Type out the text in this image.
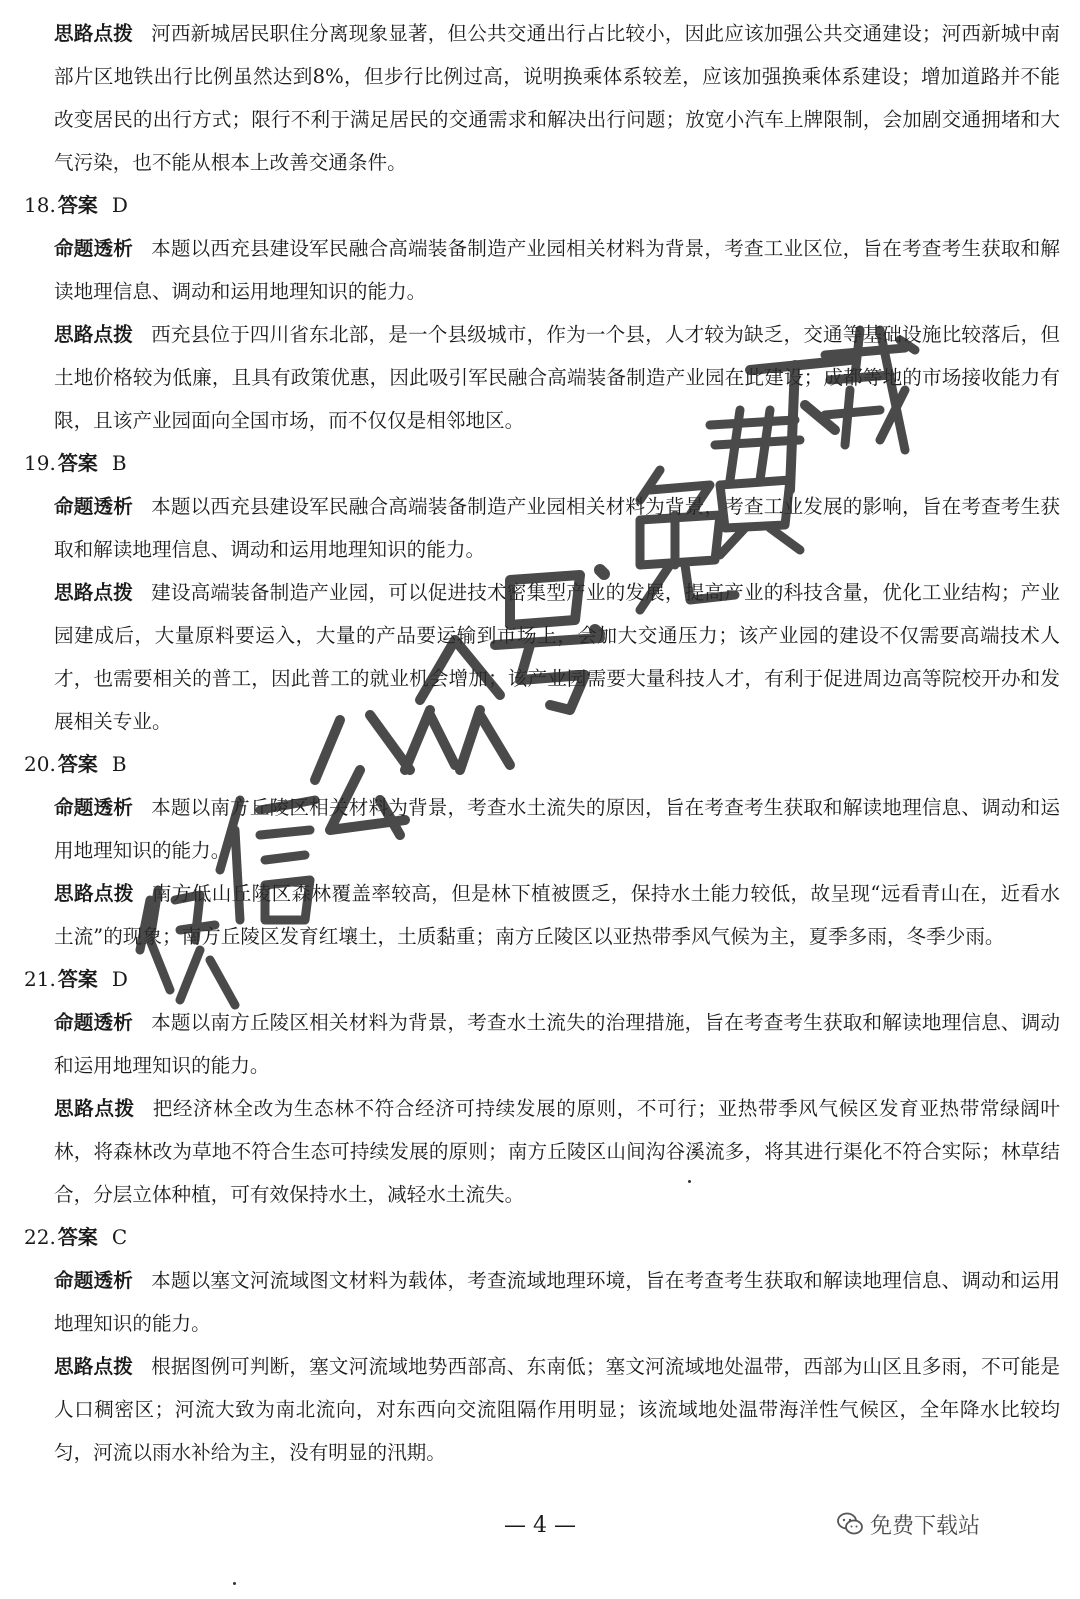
思路点拨 河西新城居民职住分离现象显著，但公共交通出行占比较小，因此应该加强公共交通建设；河西新城中南部片区地铁出行比例虽然达到8%，但步行比例过高，说明换乘体系较差，应该加强换乘体系建设；增加道路并不能改变居民的出行方式；限行不利于满足居民的交通需求和解决出行问题；放宽小汽车上牌限制，会加剧交通拥堵和大气污染，也不能从根本上改善交通条件。
18. 答案 D
命题透析 本题以西充县建设军民融合高端装备制造产业园相关材料为背景，考查工业区位，旨在考查考生获取和解读地理信息、调动和运用地理知识的能力。
思路点拨 西充县位于四川省东北部，是一个县级城市，作为一个县，人才较为缺乏，交通等基础设施比较落后，但土地价格较为低廉，且具有政策优惠，因此吸引军民融合高端装备制造产业园在此建设；成都等地的市场接收能力有限，且该产业园面向全国市场，而不仅仅是相邻地区。
19. 答案 B
命题透析 本题以西充县建设军民融合高端装备制造产业园相关材料为背景，考查工业发展的影响，旨在考查考生获取和解读地理信息、调动和运用地理知识的能力。
思路点拨 建设高端装备制造产业园，可以促进技术密集型产业的发展，提高产业的科技含量，优化工业结构；产业园建成后，大量原料要运入，大量的产品要运输到市场上，会加大交通压力；该产业园的建设不仅需要高端技术人才，也需要相关的普工，因此普工的就业机会增加；该产业园需要大量科技人才，有利于促进周边高等院校开办和发展相关专业。
20. 答案 B
命题透析 本题以南方丘陵区相关材料为背景，考查水土流失的原因，旨在考查考生获取和解读地理信息、调动和运用地理知识的能力。
思路点拨 南方低山丘陵区森林覆盖率较高，但是林下植被匮乏，保持水土能力较低，故呈现“远看青山在，近看水土流”的现象；南方丘陵区发育红壤土，土质黏重；南方丘陵区以亚热带季风气候为主，夏季多雨，冬季少雨。
21. 答案 D
命题透析 本题以南方丘陵区相关材料为背景，考查水土流失的治理措施，旨在考查考生获取和解读地理信息、调动和运用地理知识的能力。
思路点拨 把经济林全改为生态林不符合经济可持续发展的原则，不可行；亚热带季风气候区发育亚热带常绿阔叶林，将森林改为草地不符合生态可持续发展的原则；南方丘陵区山间沟谷溪流多，将其进行渠化不符合实际；林草结合，分层立体种植，可有效保持水土，减轻水土流失。
22. 答案 C
命题透析 本题以塞文河流域图文材料为载体，考查流域地理环境，旨在考查考生获取和解读地理信息、调动和运用地理知识的能力。
思路点拨 根据图例可判断，塞文河流域地势西部高、东南低；塞文河流域地处温带，西部为山区且多雨，不可能是人口稠密区；河流大致为南北流向，对东西向交流阻隔作用明显；该流域地处温带海洋性气候区，全年降水比较均匀，河流以雨水补给为主，没有明显的汛期。
— 4 —	免费下载站
